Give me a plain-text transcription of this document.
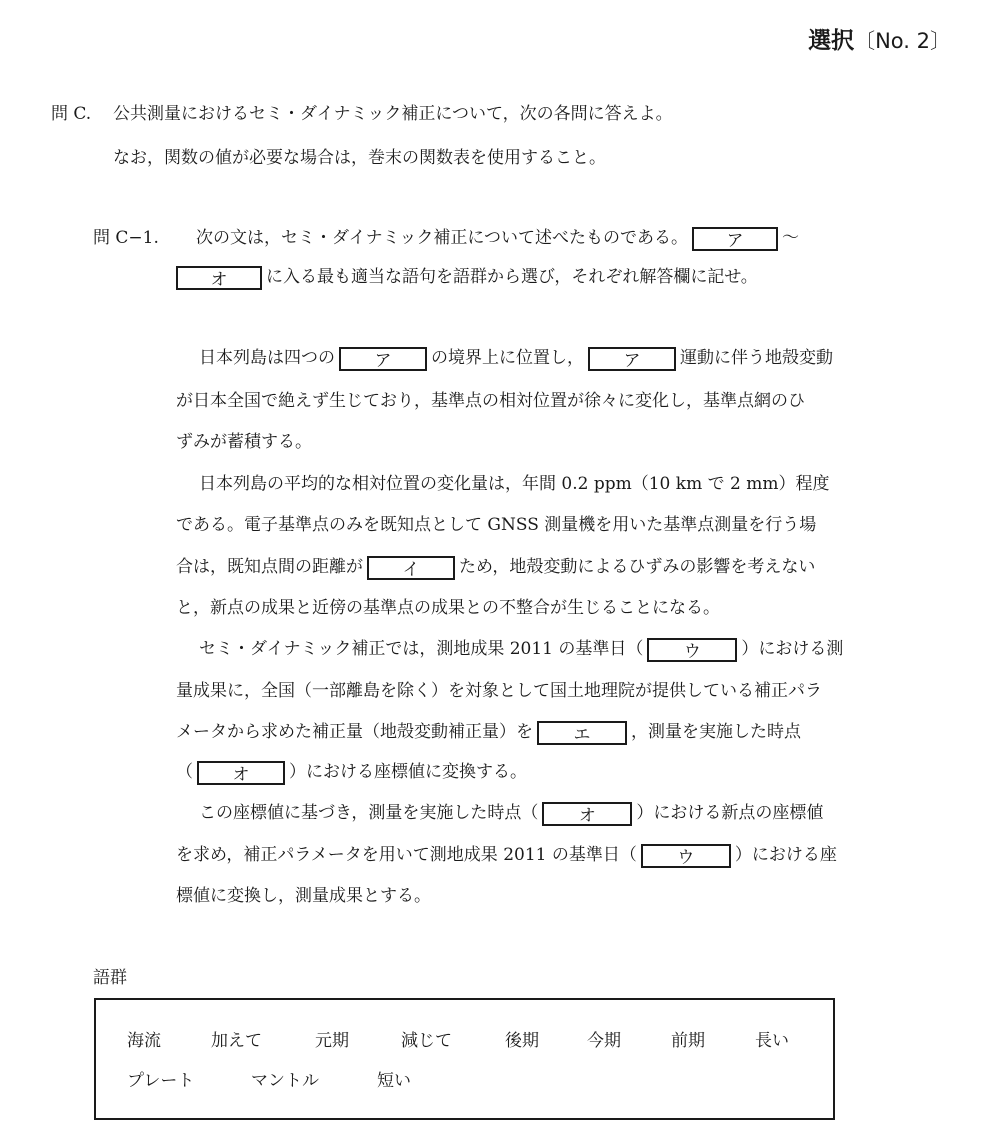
選択〔No. 2〕
問 C. 公共測量におけるセミ・ダイナミック補正について，次の各問に答えよ。
なお，関数の値が必要な場合は，巻末の関数表を使用すること。
問 C−1. 次の文は，セミ・ダイナミック補正について述べたものである。 ア 〜
オ に入る最も適当な語句を語群から選び，それぞれ解答欄に記せ。
日本列島は四つの ア の境界上に位置し， ア 運動に伴う地殻変動
が日本全国で絶えず生じており，基準点の相対位置が徐々に変化し，基準点網のひ
ずみが蓄積する。
日本列島の平均的な相対位置の変化量は，年間 0.2 ppm（10 km で 2 mm）程度
である。電子基準点のみを既知点として GNSS 測量機を用いた基準点測量を行う場
合は，既知点間の距離が イ ため，地殻変動によるひずみの影響を考えない
と，新点の成果と近傍の基準点の成果との不整合が生じることになる。
セミ・ダイナミック補正では，測地成果 2011 の基準日（ ウ ）における測
量成果に，全国（一部離島を除く）を対象として国土地理院が提供している補正パラ
メータから求めた補正量（地殻変動補正量）を エ ，測量を実施した時点
（ オ ）における座標値に変換する。
この座標値に基づき，測量を実施した時点（ オ ）における新点の座標値
を求め，補正パラメータを用いて測地成果 2011 の基準日（ ウ ）における座
標値に変換し，測量成果とする。
語群
海流	加えて	元期	減じて	後期	今期	前期	長い
プレート	マントル	短い
